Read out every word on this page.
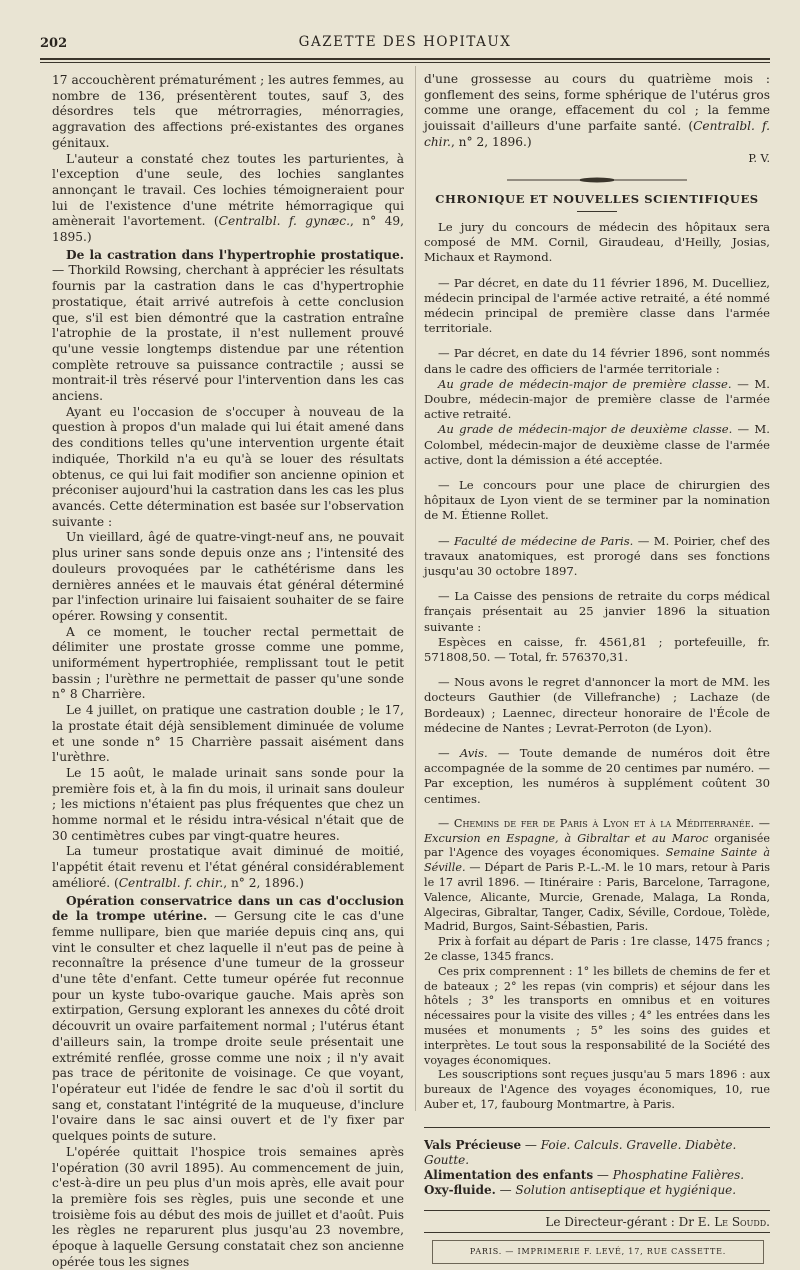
202	GAZETTE DES HOPITAUX

17 accouchèrent prématurément ; les autres femmes, au nombre de 136, présentèrent toutes, sauf 3, des désordres tels que métrorragies, ménorragies, aggravation des affections pré-existantes des organes génitaux.

L'auteur a constaté chez toutes les parturientes, à l'exception d'une seule, des lochies sanglantes annonçant le travail. Ces lochies témoigneraient pour lui de l'existence d'une métrite hémorragique qui amènerait l'avortement. (Centralbl. f. gynæc., n° 49, 1895.)

De la castration dans l'hypertrophie prostatique. — Thorkild Rowsing, cherchant à apprécier les résultats fournis par la castration dans le cas d'hypertrophie prostatique, était arrivé autrefois à cette conclusion que, s'il est bien démontré que la castration entraîne l'atrophie de la prostate, il n'est nullement prouvé qu'une vessie longtemps distendue par une rétention complète retrouve sa puissance contractile ; aussi se montrait-il très réservé pour l'intervention dans les cas anciens.

Ayant eu l'occasion de s'occuper à nouveau de la question à propos d'un malade qui lui était amené dans des conditions telles qu'une intervention urgente était indiquée, Thorkild n'a eu qu'à se louer des résultats obtenus, ce qui lui fait modifier son ancienne opinion et préconiser aujourd'hui la castration dans les cas les plus avancés. Cette détermination est basée sur l'observation suivante :

Un vieillard, âgé de quatre-vingt-neuf ans, ne pouvait plus uriner sans sonde depuis onze ans ; l'intensité des douleurs provoquées par le cathétérisme dans les dernières années et le mauvais état général déterminé par l'infection urinaire lui faisaient souhaiter de se faire opérer. Rowsing y consentit.

A ce moment, le toucher rectal permettait de délimiter une prostate grosse comme une pomme, uniformément hypertrophiée, remplissant tout le petit bassin ; l'urèthre ne permettait de passer qu'une sonde n° 8 Charrière.

Le 4 juillet, on pratique une castration double ; le 17, la prostate était déjà sensiblement diminuée de volume et une sonde n° 15 Charrière passait aisément dans l'urèthre.

Le 15 août, le malade urinait sans sonde pour la première fois et, à la fin du mois, il urinait sans douleur ; les mictions n'étaient pas plus fréquentes que chez un homme normal et le résidu intra-vésical n'était que de 30 centimètres cubes par vingt-quatre heures.

La tumeur prostatique avait diminué de moitié, l'appétit était revenu et l'état général considérablement amélioré. (Centralbl. f. chir., n° 2, 1896.)

Opération conservatrice dans un cas d'occlusion de la trompe utérine. — Gersung cite le cas d'une femme nullipare, bien que mariée depuis cinq ans, qui vint le consulter et chez laquelle il n'eut pas de peine à reconnaître la présence d'une tumeur de la grosseur d'une tête d'enfant. Cette tumeur opérée fut reconnue pour un kyste tubo-ovarique gauche. Mais après son extirpation, Gersung explorant les annexes du côté droit découvrit un ovaire parfaitement normal ; l'utérus étant d'ailleurs sain, la trompe droite seule présentait une extrémité renflée, grosse comme une noix ; il n'y avait pas trace de péritonite de voisinage. Ce que voyant, l'opérateur eut l'idée de fendre le sac d'où il sortit du sang et, constatant l'intégrité de la muqueuse, d'inclure l'ovaire dans le sac ainsi ouvert et de l'y fixer par quelques points de suture.

L'opérée quittait l'hospice trois semaines après l'opération (30 avril 1895). Au commencement de juin, c'est-à-dire un peu plus d'un mois après, elle avait pour la première fois ses règles, puis une seconde et une troisième fois au début des mois de juillet et d'août. Puis les règles ne reparurent plus jusqu'au 23 novembre, époque à laquelle Gersung constatait chez son ancienne opérée tous les signes

d'une grossesse au cours du quatrième mois : gonflement des seins, forme sphérique de l'utérus gros comme une orange, effacement du col ; la femme jouissait d'ailleurs d'une parfaite santé. (Centralbl. f. chir., n° 2, 1896.)

P. V.

CHRONIQUE ET NOUVELLES SCIENTIFIQUES

Le jury du concours de médecin des hôpitaux sera composé de MM. Cornil, Giraudeau, d'Heilly, Josias, Michaux et Raymond.

— Par décret, en date du 11 février 1896, M. Ducelliez, médecin principal de l'armée active retraité, a été nommé médecin principal de première classe dans l'armée territoriale.

— Par décret, en date du 14 février 1896, sont nommés dans le cadre des officiers de l'armée territoriale :

Au grade de médecin-major de première classe. — M. Doubre, médecin-major de première classe de l'armée active retraité.

Au grade de médecin-major de deuxième classe. — M. Colombel, médecin-major de deuxième classe de l'armée active, dont la démission a été acceptée.

— Le concours pour une place de chirurgien des hôpitaux de Lyon vient de se terminer par la nomination de M. Étienne Rollet.

— Faculté de médecine de Paris. — M. Poirier, chef des travaux anatomiques, est prorogé dans ses fonctions jusqu'au 30 octobre 1897.

— La Caisse des pensions de retraite du corps médical français présentait au 25 janvier 1896 la situation suivante :

Espèces en caisse, fr. 4561,81 ; portefeuille, fr. 571808,50. — Total, fr. 576370,31.

— Nous avons le regret d'annoncer la mort de MM. les docteurs Gauthier (de Villefranche) ; Lachaze (de Bordeaux) ; Laennec, directeur honoraire de l'École de médecine de Nantes ; Levrat-Perroton (de Lyon).

— Avis. — Toute demande de numéros doit être accompagnée de la somme de 20 centimes par numéro. — Par exception, les numéros à supplément coûtent 30 centimes.

— Chemins de fer de Paris à Lyon et à la Méditerranée. — Excursion en Espagne, à Gibraltar et au Maroc organisée par l'Agence des voyages économiques. Semaine Sainte à Séville. — Départ de Paris P.-L.-M. le 10 mars, retour à Paris le 17 avril 1896. — Itinéraire : Paris, Barcelone, Tarragone, Valence, Alicante, Murcie, Grenade, Malaga, La Ronda, Algeciras, Gibraltar, Tanger, Cadix, Séville, Cordoue, Tolède, Madrid, Burgos, Saint-Sébastien, Paris.

Prix à forfait au départ de Paris : 1re classe, 1475 francs ; 2e classe, 1345 francs.

Ces prix comprennent : 1° les billets de chemins de fer et de bateaux ; 2° les repas (vin compris) et séjour dans les hôtels ; 3° les transports en omnibus et en voitures nécessaires pour la visite des villes ; 4° les entrées dans les musées et monuments ; 5° les soins des guides et interprètes. Le tout sous la responsabilité de la Société des voyages économiques.

Les souscriptions sont reçues jusqu'au 5 mars 1896 : aux bureaux de l'Agence des voyages économiques, 10, rue Auber et, 17, faubourg Montmartre, à Paris.

Vals Précieuse — Foie. Calculs. Gravelle. Diabète. Goutte.
Alimentation des enfants — Phosphatine Falières.
Oxy-fluide. — Solution antiseptique et hygiénique.
Le Directeur-gérant : Dr E. Le Soudd.
PARIS. — IMPRIMERIE F. LEVÉ, 17, RUE CASSETTE.
